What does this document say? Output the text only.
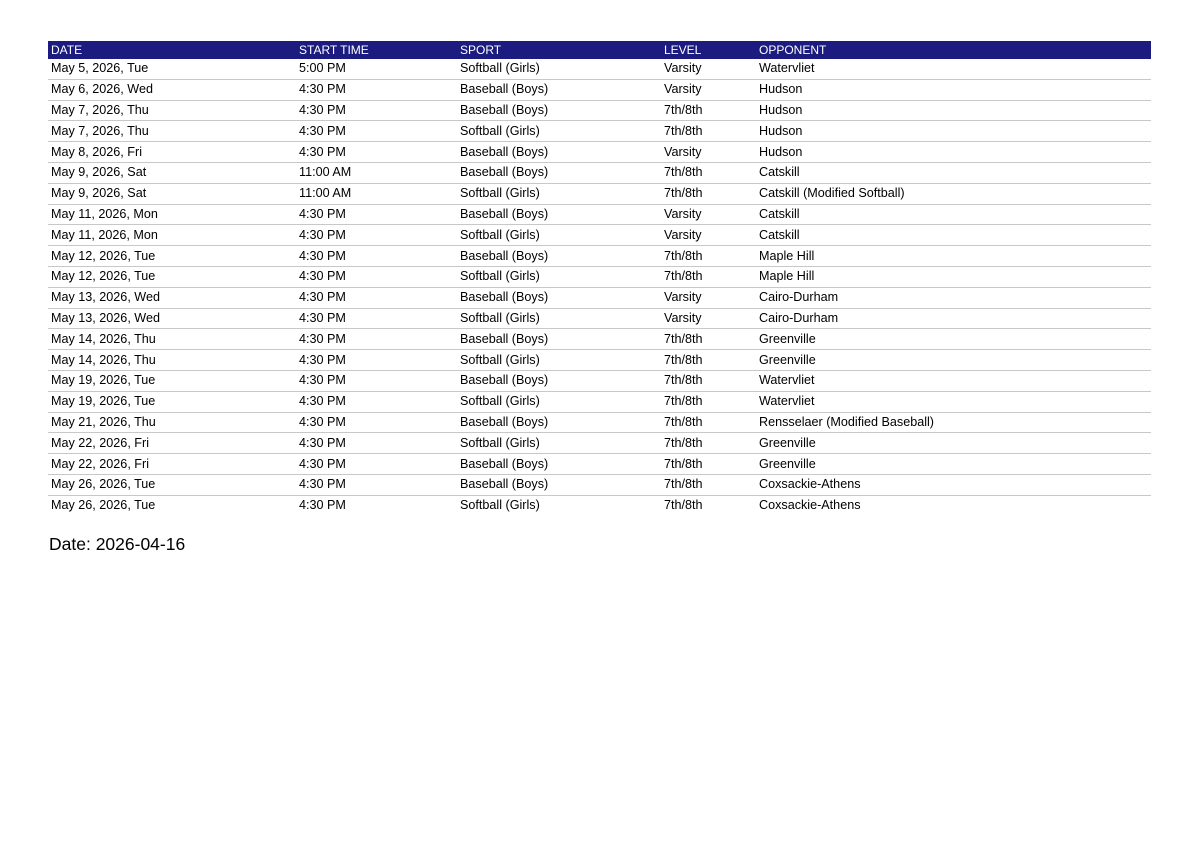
DATE	START TIME	SPORT	LEVEL	OPPONENT
May 5, 2026, Tue	5:00 PM	Softball (Girls)	Varsity	Watervliet
May 6, 2026, Wed	4:30 PM	Baseball (Boys)	Varsity	Hudson
May 7, 2026, Thu	4:30 PM	Baseball (Boys)	7th/8th	Hudson
May 7, 2026, Thu	4:30 PM	Softball (Girls)	7th/8th	Hudson
May 8, 2026, Fri	4:30 PM	Baseball (Boys)	Varsity	Hudson
May 9, 2026, Sat	11:00 AM	Baseball (Boys)	7th/8th	Catskill
May 9, 2026, Sat	11:00 AM	Softball (Girls)	7th/8th	Catskill (Modified Softball)
May 11, 2026, Mon	4:30 PM	Baseball (Boys)	Varsity	Catskill
May 11, 2026, Mon	4:30 PM	Softball (Girls)	Varsity	Catskill
May 12, 2026, Tue	4:30 PM	Baseball (Boys)	7th/8th	Maple Hill
May 12, 2026, Tue	4:30 PM	Softball (Girls)	7th/8th	Maple Hill
May 13, 2026, Wed	4:30 PM	Baseball (Boys)	Varsity	Cairo-Durham
May 13, 2026, Wed	4:30 PM	Softball (Girls)	Varsity	Cairo-Durham
May 14, 2026, Thu	4:30 PM	Baseball (Boys)	7th/8th	Greenville
May 14, 2026, Thu	4:30 PM	Softball (Girls)	7th/8th	Greenville
May 19, 2026, Tue	4:30 PM	Baseball (Boys)	7th/8th	Watervliet
May 19, 2026, Tue	4:30 PM	Softball (Girls)	7th/8th	Watervliet
May 21, 2026, Thu	4:30 PM	Baseball (Boys)	7th/8th	Rensselaer (Modified Baseball)
May 22, 2026, Fri	4:30 PM	Softball (Girls)	7th/8th	Greenville
May 22, 2026, Fri	4:30 PM	Baseball (Boys)	7th/8th	Greenville
May 26, 2026, Tue	4:30 PM	Baseball (Boys)	7th/8th	Coxsackie-Athens
May 26, 2026, Tue	4:30 PM	Softball (Girls)	7th/8th	Coxsackie-Athens
Date: 2026-04-16
